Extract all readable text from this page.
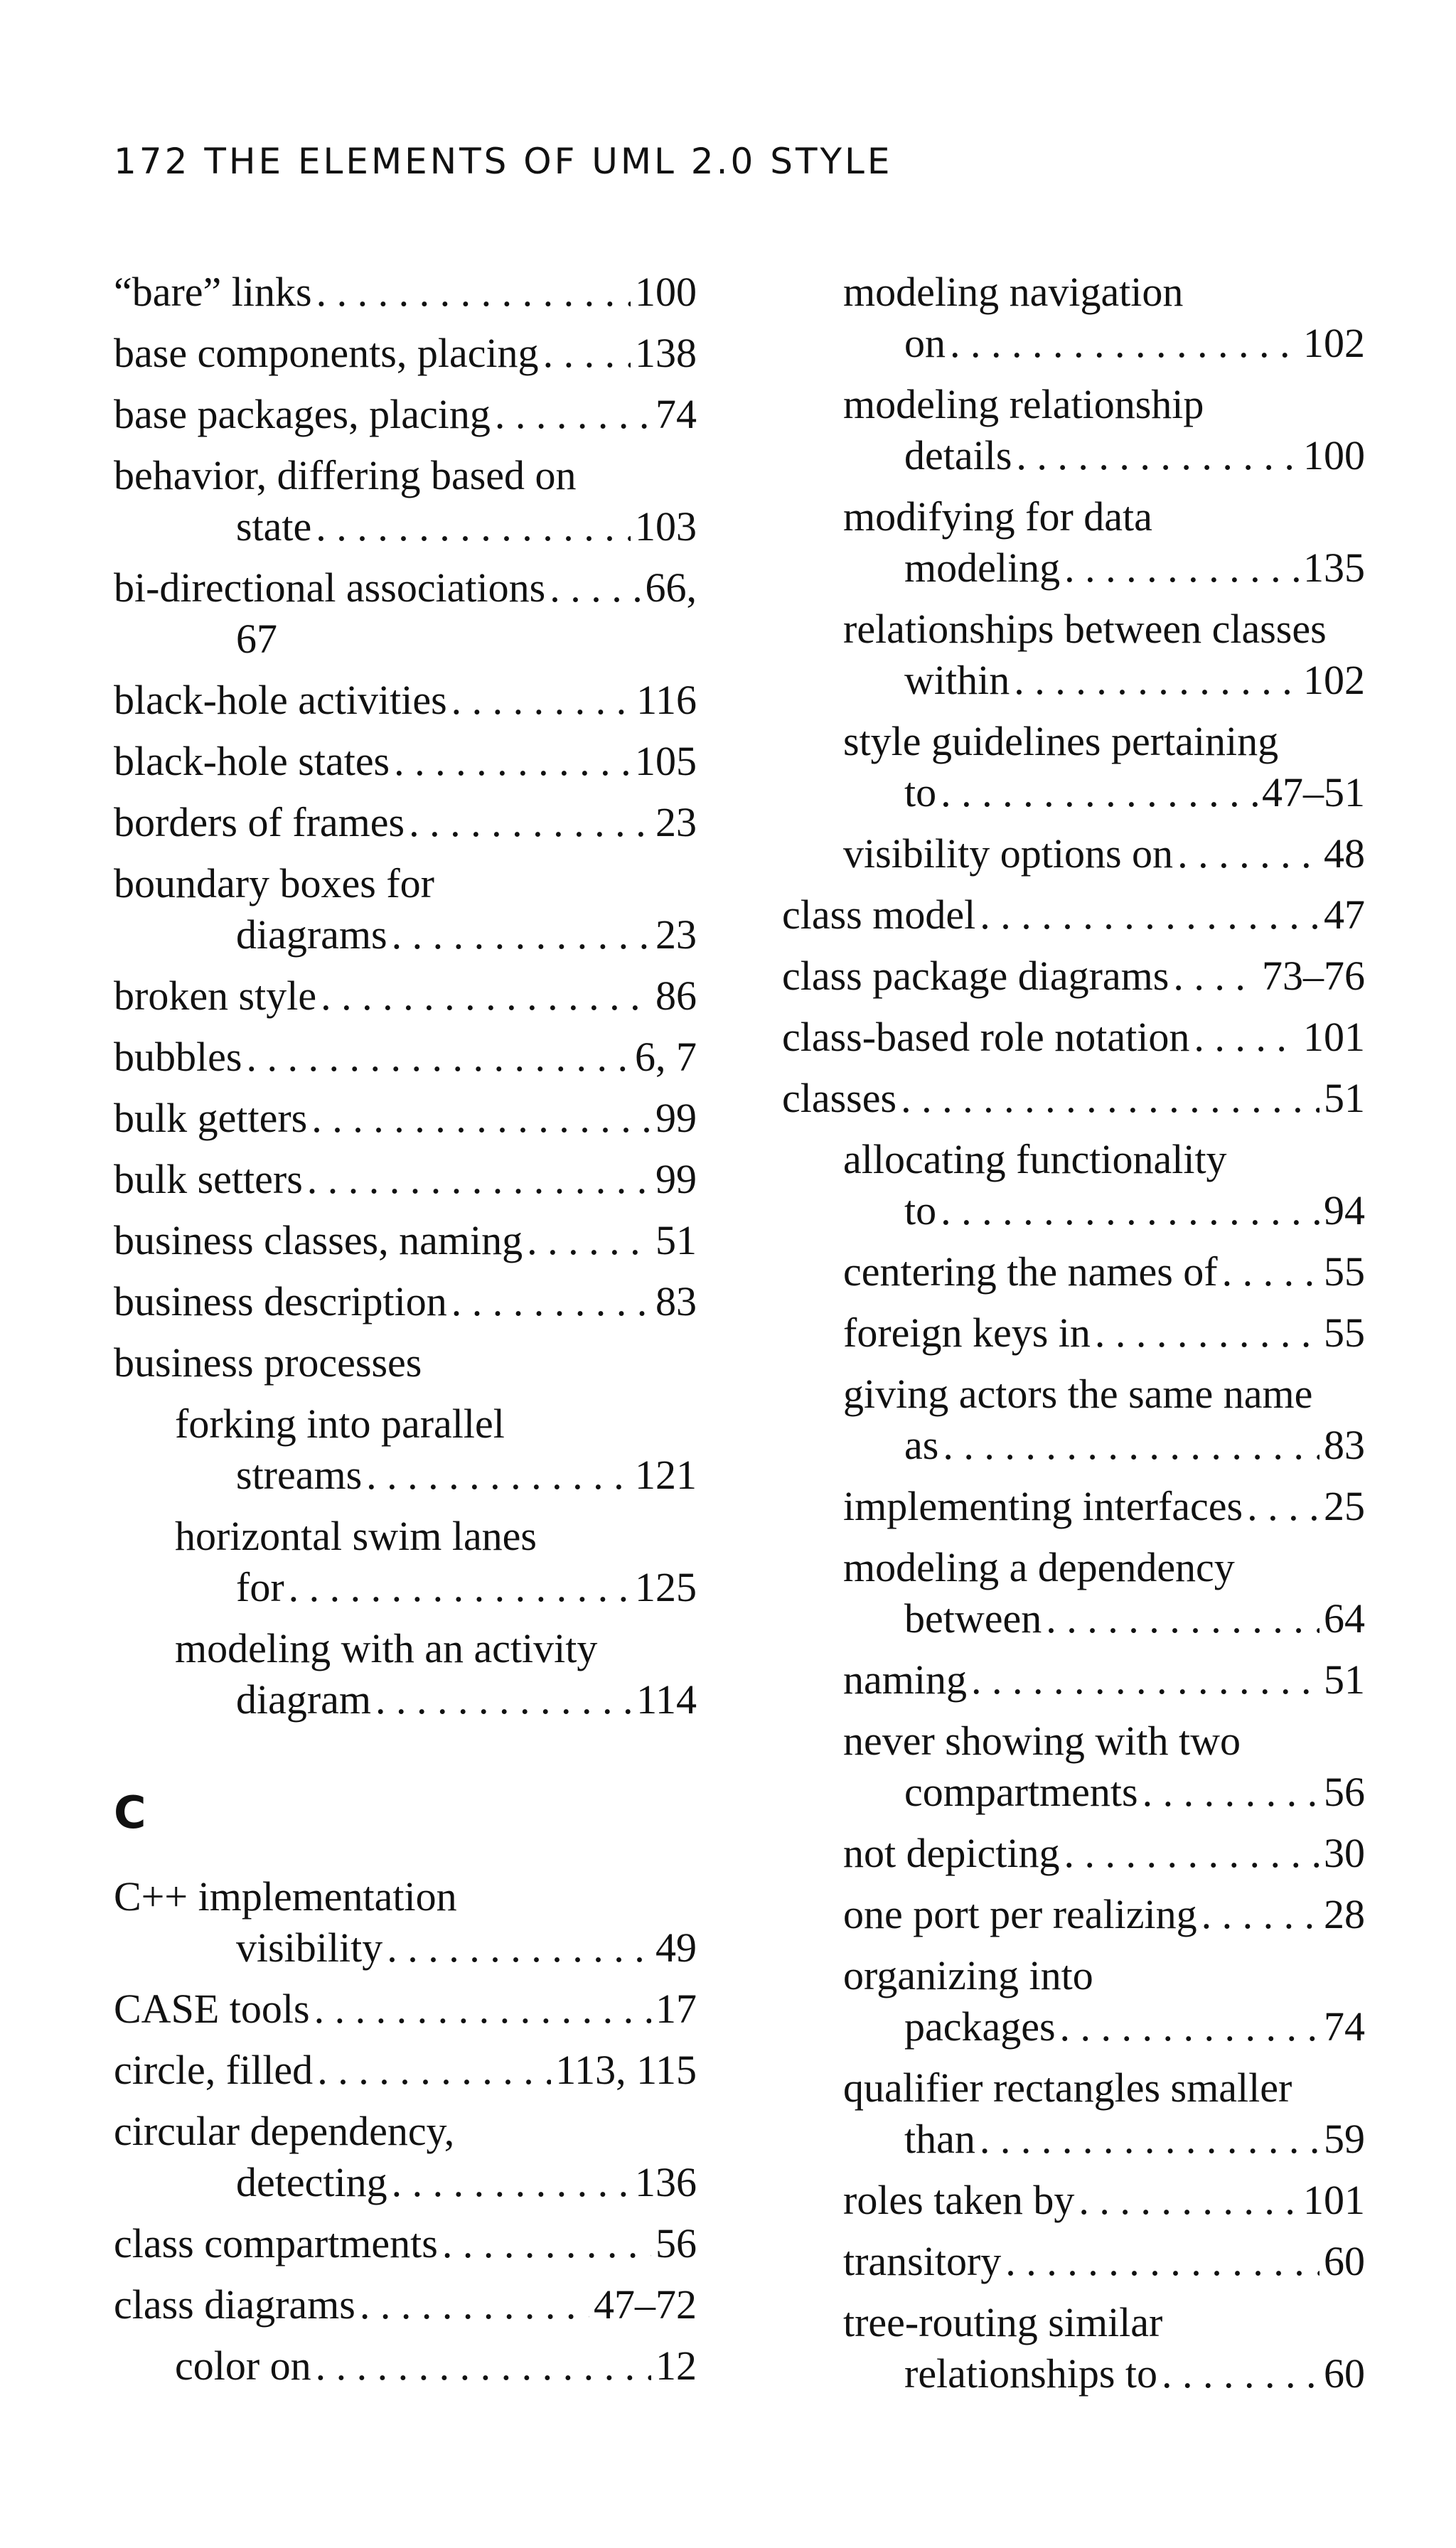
172 THE ELEMENTS OF UML 2.0 STYLE
“bare” links . . .	100
base components, placing . . . 138
base packages, placing . . .	74
behavior, differing based on
state . . .	103
bi-directional associations . . . 66,
67
black-hole activities . . .	116
black-hole states . . .	105
borders of frames . . .	23
boundary boxes for
diagrams . . .	23
broken style . . .	86
bubbles . . .	6, 7
bulk getters . . .	99
bulk setters . . .	99
business classes, naming . . .	51
business description . . .	83
business processes
forking into parallel
streams . . .	121
horizontal swim lanes
for . . .	125
modeling with an activity
diagram . . .	114
C
C++ implementation
visibility . . .	49
CASE tools . . .	17
circle, filled . . .	113, 115
circular dependency,
detecting . . .	136
class compartments . . .	56
class diagrams . . .	47–72
color on . . .	12
modeling navigation
on . . .	102
modeling relationship
details . . .	100
modifying for data
modeling . . .	135
relationships between classes
within . . .	102
style guidelines pertaining
to . . .	47–51
visibility options on . . .	48
class model . . .	47
class package diagrams . . . 73–76
class-based role notation . . .	101
classes . . .	51
allocating functionality
to . . .	94
centering the names of . . .	55
foreign keys in . . .	55
giving actors the same name
as . . .	83
implementing interfaces . . . 25
modeling a dependency
between . . .	64
naming . . .	51
never showing with two
compartments . . .	56
not depicting . . .	30
one port per realizing . . .	28
organizing into
packages . . .	74
qualifier rectangles smaller
than . . .	59
roles taken by . . .	101
transitory . . .	60
tree-routing similar
relationships to . . .	60
